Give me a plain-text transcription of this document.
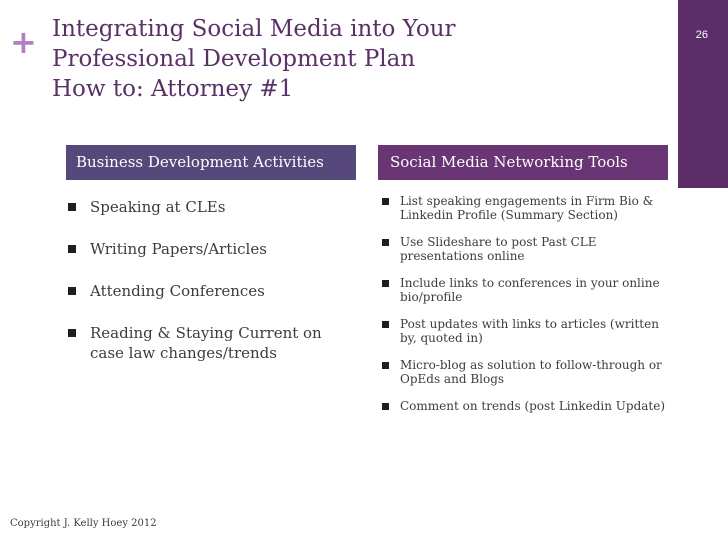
+ Integrating Social Media into Your
Professional Development Plan
How to: Attorney #1
26
Business Development Activities	Social Media Networking Tools
Speaking at CLEs
Writing Papers/Articles
Attending Conferences
Reading & Staying Current on case law changes/trends
List speaking engagements in Firm Bio & Linkedin Profile (Summary Section)
Use Slideshare to post Past CLE presentations online
Include links to conferences in your online bio/profile
Post updates with links to articles (written by, quoted in)
Micro-blog as solution to follow-through or OpEds and Blogs
Comment on trends (post Linkedin Update)
Copyright J. Kelly Hoey 2012
